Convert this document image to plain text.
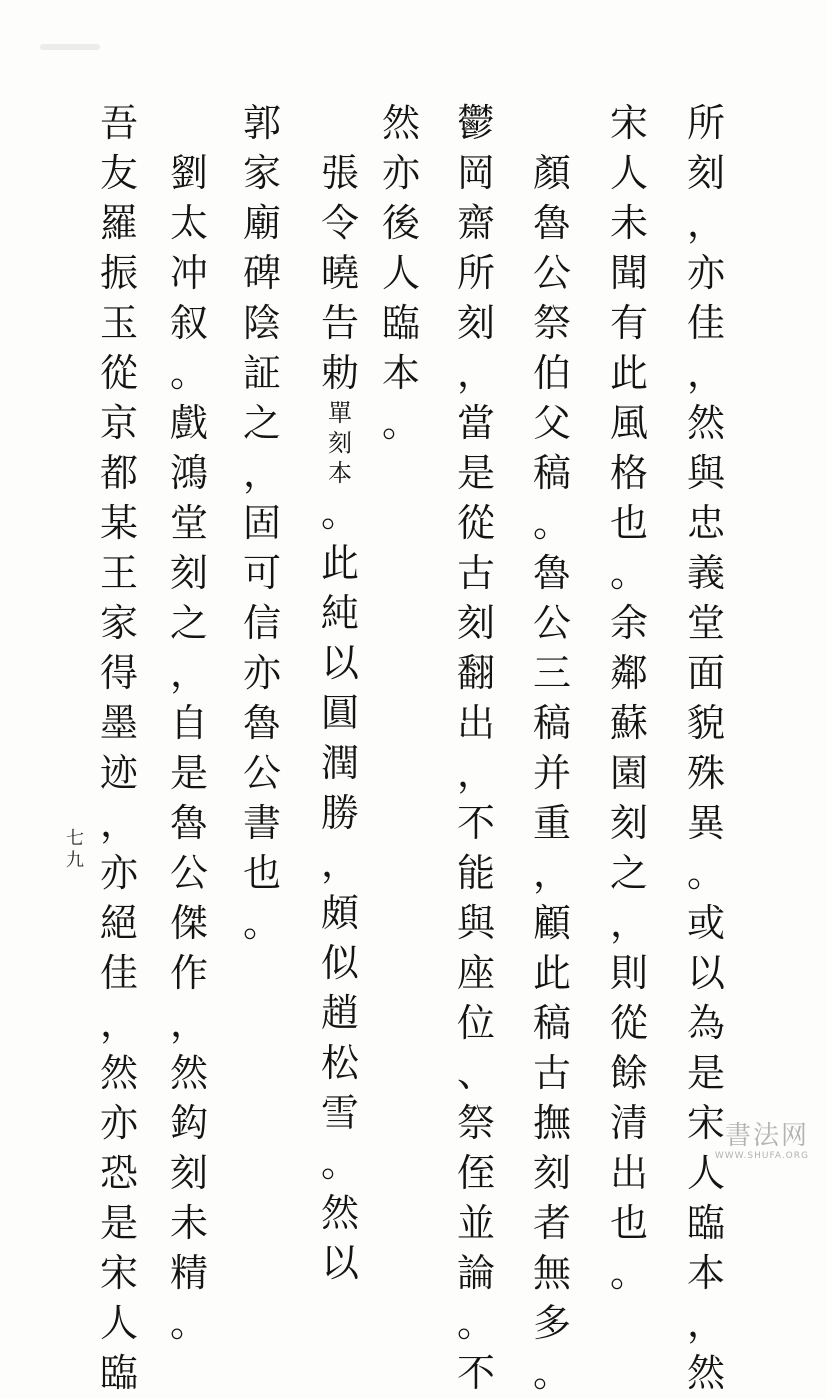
所
刻
，
亦
佳
，
然
與
忠
義
堂
面
貌
殊
異
。
或
以
為
是
宋
人
臨
本
，
然
宋
人
未
聞
有
此
風
格
也
。
余
鄰
蘇
園
刻
之
，
則
從
餘
清
出
也
。

顏
魯
公
祭
伯
父
稿
。
魯
公
三
稿
并
重
，
顧
此
稿
古
撫
刻
者
無
多
。
鬱
岡
齋
所
刻
，
當
是
從
古
刻
翻
出
，
不
能
與
座
位
、
祭
侄
並
論
。
不
然
亦
後
人
臨
本
。

張
令
曉
告
勅
單
刻
本
。
此
純
以
圓
潤
勝
，
頗
似
趙
松
雪
。
然
以
郭
家
廟
碑
陰
証
之
，
固
可
信
亦
魯
公
書
也
。

劉
太
冲
叙
。
戲
鴻
堂
刻
之
，
自
是
魯
公
傑
作
，
然
鈎
刻
未
精
。
吾
友
羅
振
玉
從
京
都
某
王
家
得
墨
迹
，
亦
絕
佳
，
然
亦
恐
是
宋
人
臨
七九
書法网
WWW.SHUFA.ORG
